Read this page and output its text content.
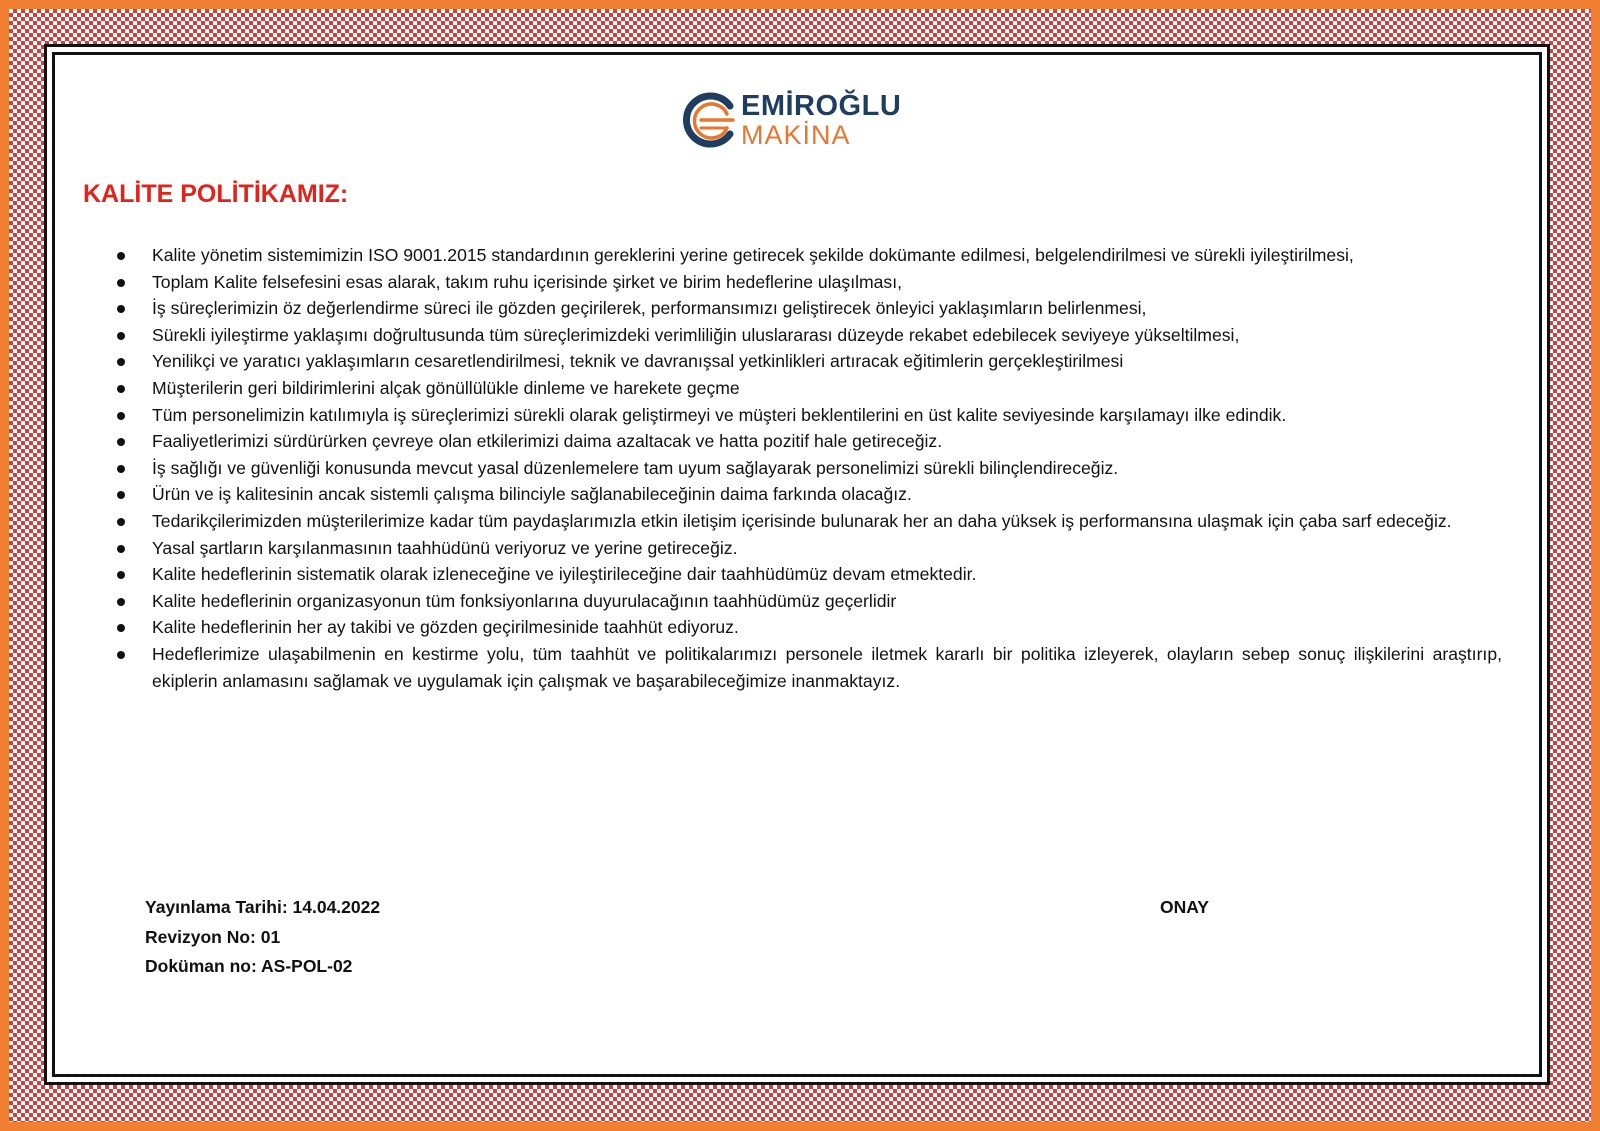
EMİROĞLU
MAKİNA
KALİTE POLİTİKAMIZ:
Kalite yönetim sistemimizin ISO 9001.2015 standardının gereklerini yerine getirecek şekilde dokümante edilmesi, belgelendirilmesi ve sürekli iyileştirilmesi,
Toplam Kalite felsefesini esas alarak, takım ruhu içerisinde şirket ve birim hedeflerine ulaşılması,
İş süreçlerimizin öz değerlendirme süreci ile gözden geçirilerek, performansımızı geliştirecek önleyici yaklaşımların belirlenmesi,
Sürekli iyileştirme yaklaşımı doğrultusunda tüm süreçlerimizdeki verimliliğin uluslararası düzeyde rekabet edebilecek seviyeye yükseltilmesi,
Yenilikçi ve yaratıcı yaklaşımların cesaretlendirilmesi, teknik ve davranışsal yetkinlikleri artıracak eğitimlerin gerçekleştirilmesi
Müşterilerin geri bildirimlerini alçak gönüllülükle dinleme ve harekete geçme
Tüm personelimizin katılımıyla iş süreçlerimizi sürekli olarak geliştirmeyi ve müşteri beklentilerini en üst kalite seviyesinde karşılamayı ilke edindik.
Faaliyetlerimizi sürdürürken çevreye olan etkilerimizi daima azaltacak ve hatta pozitif hale getireceğiz.
İş sağlığı ve güvenliği konusunda mevcut yasal düzenlemelere tam uyum sağlayarak personelimizi sürekli bilinçlendireceğiz.
Ürün ve iş kalitesinin ancak sistemli çalışma bilinciyle sağlanabileceğinin daima farkında olacağız.
Tedarikçilerimizden müşterilerimize kadar tüm paydaşlarımızla etkin iletişim içerisinde bulunarak her an daha yüksek iş performansına ulaşmak için çaba sarf edeceğiz.
Yasal şartların karşılanmasının taahhüdünü veriyoruz ve yerine getireceğiz.
Kalite hedeflerinin sistematik olarak izleneceğine ve iyileştirileceğine dair taahhüdümüz devam etmektedir.
Kalite hedeflerinin organizasyonun tüm fonksiyonlarına duyurulacağının taahhüdümüz geçerlidir
Kalite hedeflerinin her ay takibi ve gözden geçirilmesinide taahhüt ediyoruz.
Hedeflerimize ulaşabilmenin en kestirme yolu, tüm taahhüt ve politikalarımızı personele iletmek kararlı bir politika izleyerek, olayların sebep sonuç ilişkilerini araştırıp, ekiplerin anlamasını sağlamak ve uygulamak için çalışmak ve başarabileceğimize inanmaktayız.
Yayınlama Tarihi: 14.04.2022
Revizyon No: 01
Doküman no: AS-POL-02
ONAY
